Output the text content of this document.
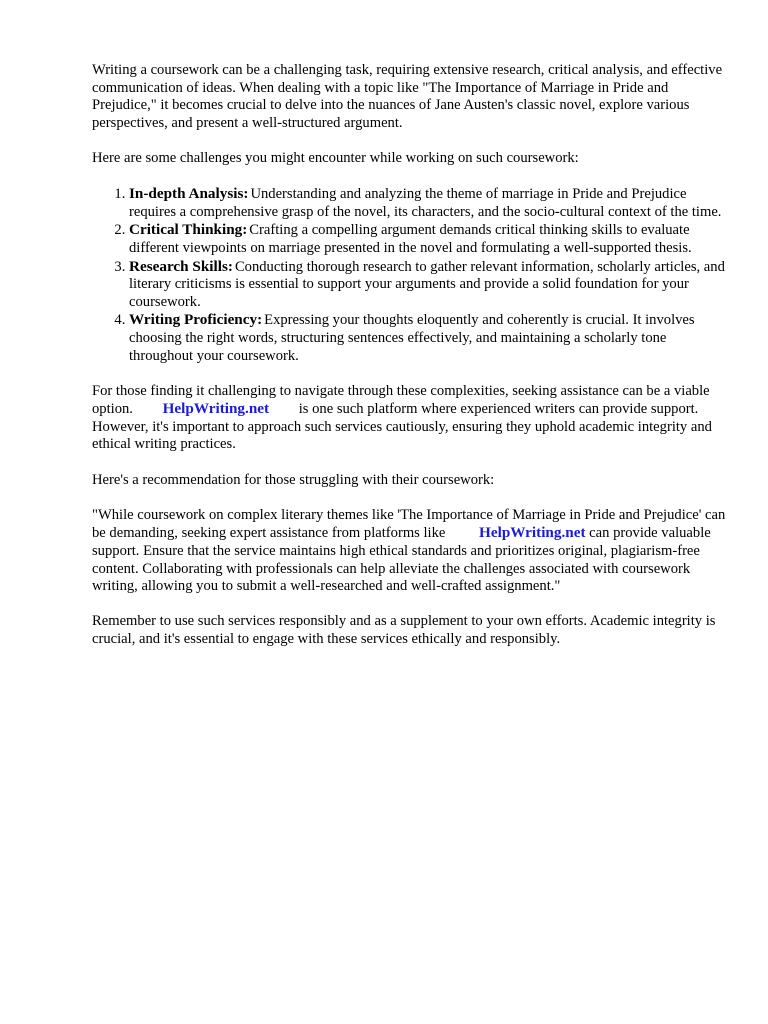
Writing a coursework can be a challenging task, requiring extensive research, critical analysis, and effective communication of ideas. When dealing with a topic like "The Importance of Marriage in Pride and Prejudice," it becomes crucial to delve into the nuances of Jane Austen's classic novel, explore various perspectives, and present a well-structured argument.

Here are some challenges you might encounter while working on such coursework:

1. In-depth Analysis: Understanding and analyzing the theme of marriage in Pride and Prejudice requires a comprehensive grasp of the novel, its characters, and the socio-cultural context of the time.
2. Critical Thinking: Crafting a compelling argument demands critical thinking skills to evaluate different viewpoints on marriage presented in the novel and formulating a well-supported thesis.
3. Research Skills: Conducting thorough research to gather relevant information, scholarly articles, and literary criticisms is essential to support your arguments and provide a solid foundation for your coursework.
4. Writing Proficiency: Expressing your thoughts eloquently and coherently is crucial. It involves choosing the right words, structuring sentences effectively, and maintaining a scholarly tone throughout your coursework.

For those finding it challenging to navigate through these complexities, seeking assistance can be a viable option. HelpWriting.net is one such platform where experienced writers can provide support. However, it's important to approach such services cautiously, ensuring they uphold academic integrity and ethical writing practices.

Here's a recommendation for those struggling with their coursework:

"While coursework on complex literary themes like 'The Importance of Marriage in Pride and Prejudice' can be demanding, seeking expert assistance from platforms like HelpWriting.net can provide valuable support. Ensure that the service maintains high ethical standards and prioritizes original, plagiarism-free content. Collaborating with professionals can help alleviate the challenges associated with coursework writing, allowing you to submit a well-researched and well-crafted assignment."

Remember to use such services responsibly and as a supplement to your own efforts. Academic integrity is crucial, and it's essential to engage with these services ethically and responsibly.
